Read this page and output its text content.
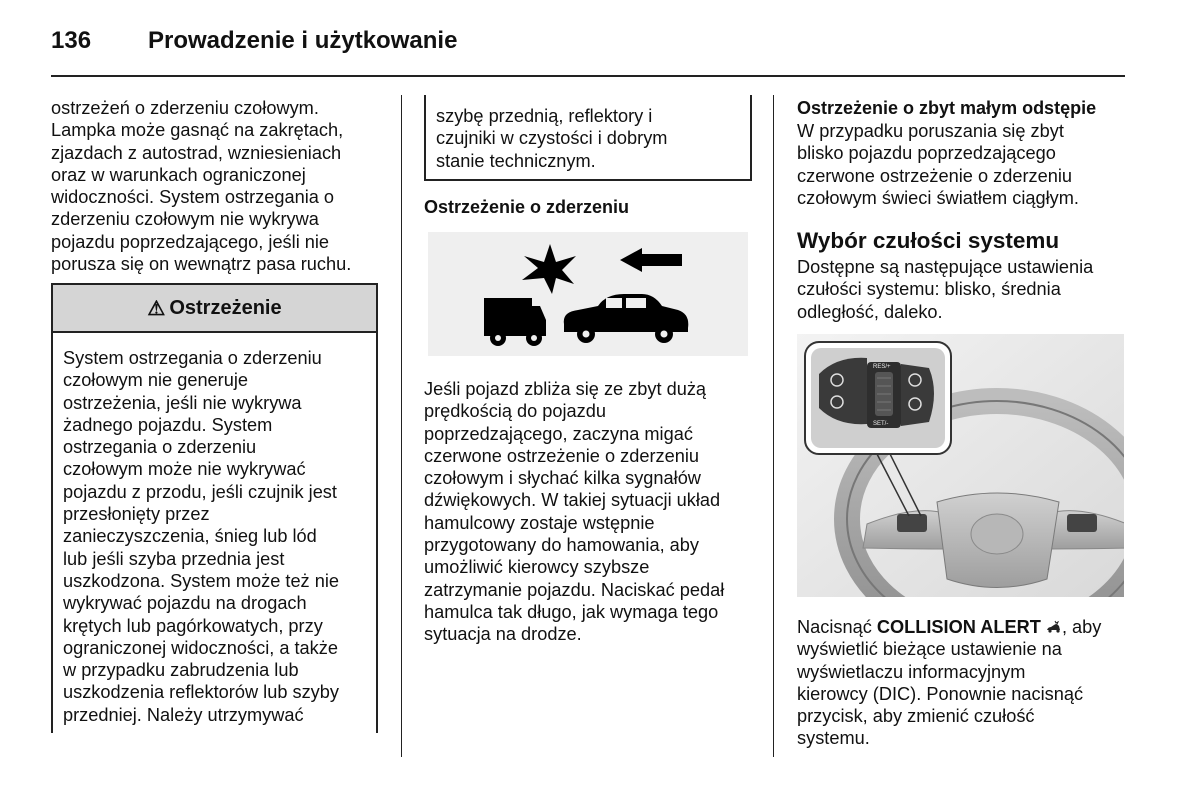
136 Prowadzenie i użytkowanie
ostrzeżeń o zderzeniu czołowym.
Lampka może gasnąć na zakrętach,
zjazdach z autostrad, wzniesieniach
oraz w warunkach ograniczonej
widoczności. System ostrzegania o
zderzeniu czołowym nie wykrywa
pojazdu poprzedzającego, jeśli nie
porusza się on wewnątrz pasa ruchu.
⚠ Ostrzeżenie
System ostrzegania o zderzeniu
czołowym nie generuje
ostrzeżenia, jeśli nie wykrywa
żadnego pojazdu. System
ostrzegania o zderzeniu
czołowym może nie wykrywać
pojazdu z przodu, jeśli czujnik jest
przesłonięty przez
zanieczyszczenia, śnieg lub lód
lub jeśli szyba przednia jest
uszkodzona. System może też nie
wykrywać pojazdu na drogach
krętych lub pagórkowatych, przy
ograniczonej widoczności, a także
w przypadku zabrudzenia lub
uszkodzenia reflektorów lub szyby
przedniej. Należy utrzymywać
szybę przednią, reflektory i
czujniki w czystości i dobrym
stanie technicznym.
Ostrzeżenie o zderzeniu
Jeśli pojazd zbliża się ze zbyt dużą
prędkością do pojazdu
poprzedzającego, zaczyna migać
czerwone ostrzeżenie o zderzeniu
czołowym i słychać kilka sygnałów
dźwiękowych. W takiej sytuacji układ
hamulcowy zostaje wstępnie
przygotowany do hamowania, aby
umożliwić kierowcy szybsze
zatrzymanie pojazdu. Naciskać pedał
hamulca tak długo, jak wymaga tego
sytuacja na drodze.
Ostrzeżenie o zbyt małym odstępie
W przypadku poruszania się zbyt
blisko pojazdu poprzedzającego
czerwone ostrzeżenie o zderzeniu
czołowym świeci światłem ciągłym.
Wybór czułości systemu
Dostępne są następujące ustawienia
czułości systemu: blisko, średnia
odległość, daleko.
RES/+
SET/-
Nacisnąć COLLISION ALERT , aby
wyświetlić bieżące ustawienie na
wyświetlaczu informacyjnym
kierowcy (DIC). Ponownie nacisnąć
przycisk, aby zmienić czułość
systemu.
